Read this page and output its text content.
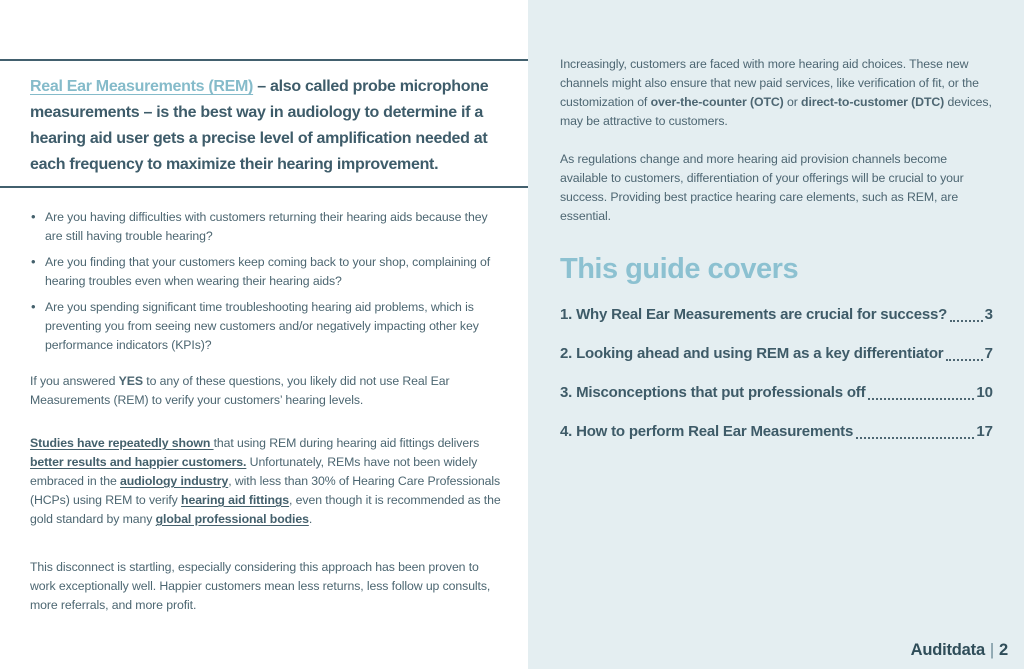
Real Ear Measurements (REM) – also called probe microphone measurements – is the best way in audiology to determine if a hearing aid user gets a precise level of amplification needed at each frequency to maximize their hearing improvement.

• Are you having difficulties with customers returning their hearing aids because they are still having trouble hearing?
• Are you finding that your customers keep coming back to your shop, complaining of hearing troubles even when wearing their hearing aids?
• Are you spending significant time troubleshooting hearing aid problems, which is preventing you from seeing new customers and/or negatively impacting other key performance indicators (KPIs)?

If you answered YES to any of these questions, you likely did not use Real Ear Measurements (REM) to verify your customers’ hearing levels.

Studies have repeatedly shown that using REM during hearing aid fittings delivers better results and happier customers. Unfortunately, REMs have not been widely embraced in the audiology industry, with less than 30% of Hearing Care Professionals (HCPs) using REM to verify hearing aid fittings, even though it is recommended as the gold standard by many global professional bodies.

This disconnect is startling, especially considering this approach has been proven to work exceptionally well. Happier customers mean less returns, less follow up consults, more referrals, and more profit.

Increasingly, customers are faced with more hearing aid choices. These new channels might also ensure that new paid services, like verification of fit, or the customization of over-the-counter (OTC) or direct-to-customer (DTC) devices, may be attractive to customers.

As regulations change and more hearing aid provision channels become available to customers, differentiation of your offerings will be crucial to your success. Providing best practice hearing care elements, such as REM, are essential.

This guide covers
1. Why Real Ear Measurements are crucial for success?	3
2. Looking ahead and using REM as a key differentiator	7
3. Misconceptions that put professionals off	10
4. How to perform Real Ear Measurements	17
Auditdata | 2
